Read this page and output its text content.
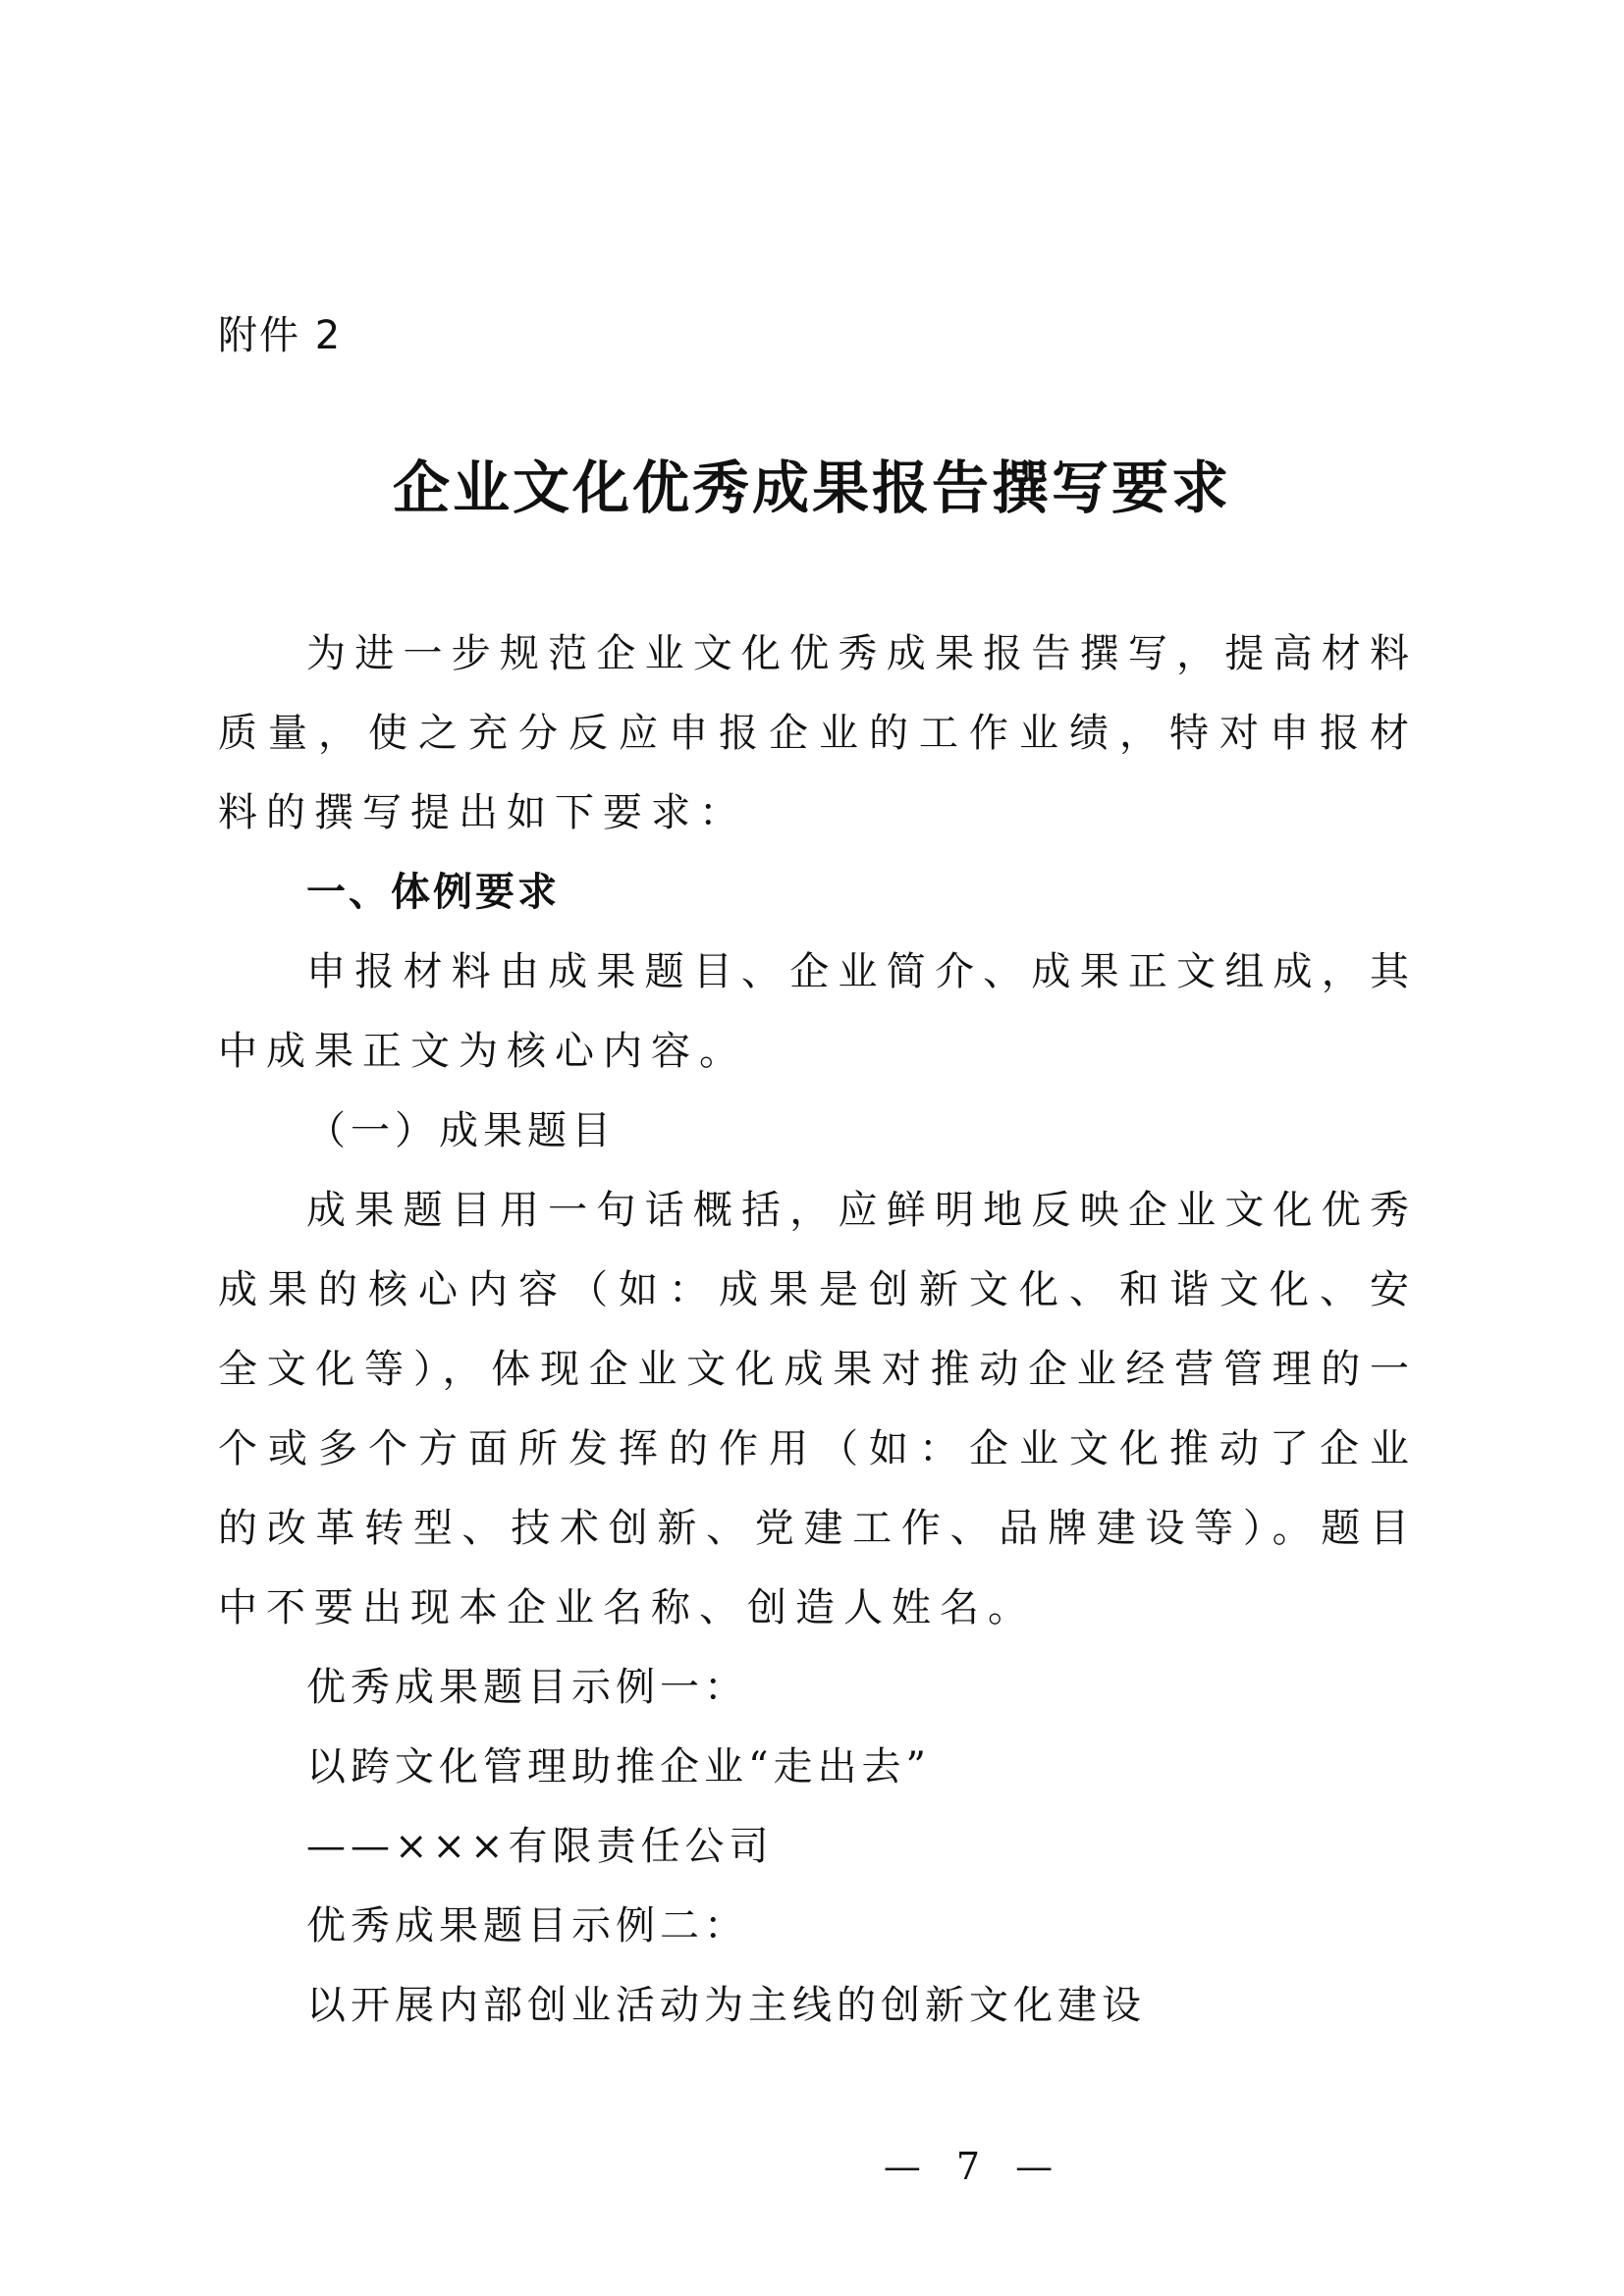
附件 2
企业文化优秀成果报告撰写要求

为进一步规范企业文化优秀成果报告撰写，提高材料质量，使之充分反应申报企业的工作业绩，特对申报材料的撰写提出如下要求：

一、体例要求

申报材料由成果题目、企业简介、成果正文组成，其中成果正文为核心内容。

（一）成果题目

成果题目用一句话概括，应鲜明地反映企业文化优秀成果的核心内容（如：成果是创新文化、和谐文化、安全文化等），体现企业文化成果对推动企业经营管理的一个或多个方面所发挥的作用（如：企业文化推动了企业的改革转型、技术创新、党建工作、品牌建设等）。题目中不要出现本企业名称、创造人姓名。

优秀成果题目示例一：

以跨文化管理助推企业“走出去”

——×××有限责任公司

优秀成果题目示例二：

以开展内部创业活动为主线的创新文化建设

— 7 —
